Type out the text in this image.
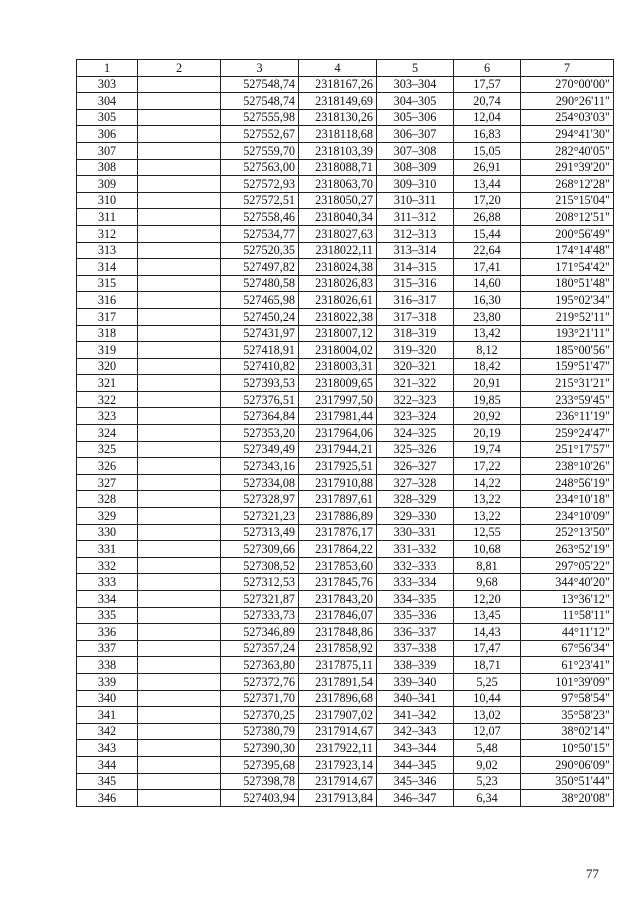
1	2	3	4	5	6	7
303		527548,74	2318167,26	303–304	17,57	270°00'00"
304		527548,74	2318149,69	304–305	20,74	290°26'11"
305		527555,98	2318130,26	305–306	12,04	254°03'03"
306		527552,67	2318118,68	306–307	16,83	294°41'30"
307		527559,70	2318103,39	307–308	15,05	282°40'05"
308		527563,00	2318088,71	308–309	26,91	291°39'20"
309		527572,93	2318063,70	309–310	13,44	268°12'28"
310		527572,51	2318050,27	310–311	17,20	215°15'04"
311		527558,46	2318040,34	311–312	26,88	208°12'51"
312		527534,77	2318027,63	312–313	15,44	200°56'49"
313		527520,35	2318022,11	313–314	22,64	174°14'48"
314		527497,82	2318024,38	314–315	17,41	171°54'42"
315		527480,58	2318026,83	315–316	14,60	180°51'48"
316		527465,98	2318026,61	316–317	16,30	195°02'34"
317		527450,24	2318022,38	317–318	23,80	219°52'11"
318		527431,97	2318007,12	318–319	13,42	193°21'11"
319		527418,91	2318004,02	319–320	8,12	185°00'56"
320		527410,82	2318003,31	320–321	18,42	159°51'47"
321		527393,53	2318009,65	321–322	20,91	215°31'21"
322		527376,51	2317997,50	322–323	19,85	233°59'45"
323		527364,84	2317981,44	323–324	20,92	236°11'19"
324		527353,20	2317964,06	324–325	20,19	259°24'47"
325		527349,49	2317944,21	325–326	19,74	251°17'57"
326		527343,16	2317925,51	326–327	17,22	238°10'26"
327		527334,08	2317910,88	327–328	14,22	248°56'19"
328		527328,97	2317897,61	328–329	13,22	234°10'18"
329		527321,23	2317886,89	329–330	13,22	234°10'09"
330		527313,49	2317876,17	330–331	12,55	252°13'50"
331		527309,66	2317864,22	331–332	10,68	263°52'19"
332		527308,52	2317853,60	332–333	8,81	297°05'22"
333		527312,53	2317845,76	333–334	9,68	344°40'20"
334		527321,87	2317843,20	334–335	12,20	13°36'12"
335		527333,73	2317846,07	335–336	13,45	11°58'11"
336		527346,89	2317848,86	336–337	14,43	44°11'12"
337		527357,24	2317858,92	337–338	17,47	67°56'34"
338		527363,80	2317875,11	338–339	18,71	61°23'41"
339		527372,76	2317891,54	339–340	5,25	101°39'09"
340		527371,70	2317896,68	340–341	10,44	97°58'54"
341		527370,25	2317907,02	341–342	13,02	35°58'23"
342		527380,79	2317914,67	342–343	12,07	38°02'14"
343		527390,30	2317922,11	343–344	5,48	10°50'15"
344		527395,68	2317923,14	344–345	9,02	290°06'09"
345		527398,78	2317914,67	345–346	5,23	350°51'44"
346		527403,94	2317913,84	346–347	6,34	38°20'08"
77
